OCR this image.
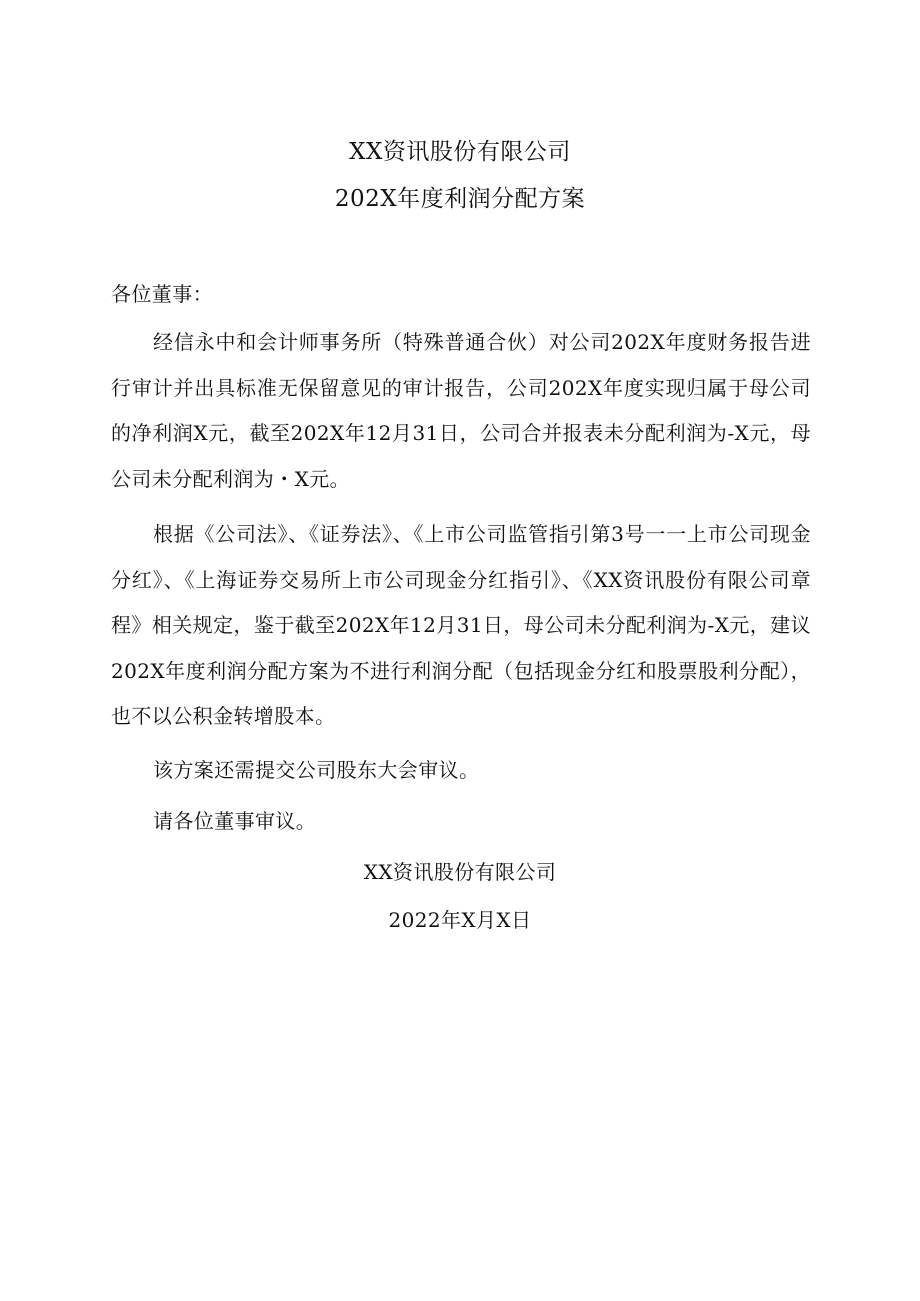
XX资讯股份有限公司
202X年度利润分配方案
各位董事：

经信永中和会计师事务所（特殊普通合伙）对公司202X年度财务报告进行审计并出具标准无保留意见的审计报告，公司202X年度实现归属于母公司的净利润X元，截至202X年12月31日，公司合并报表未分配利润为-X元，母公司未分配利润为・X元。

根据《公司法》、《证券法》、《上市公司监管指引第3号一一上市公司现金分红》、《上海证券交易所上市公司现金分红指引》、《XX资讯股份有限公司章程》相关规定，鉴于截至202X年12月31日，母公司未分配利润为-X元，建议202X年度利润分配方案为不进行利润分配（包括现金分红和股票股利分配），也不以公积金转增股本。

该方案还需提交公司股东大会审议。

请各位董事审议。

XX资讯股份有限公司
2022年X月X日
